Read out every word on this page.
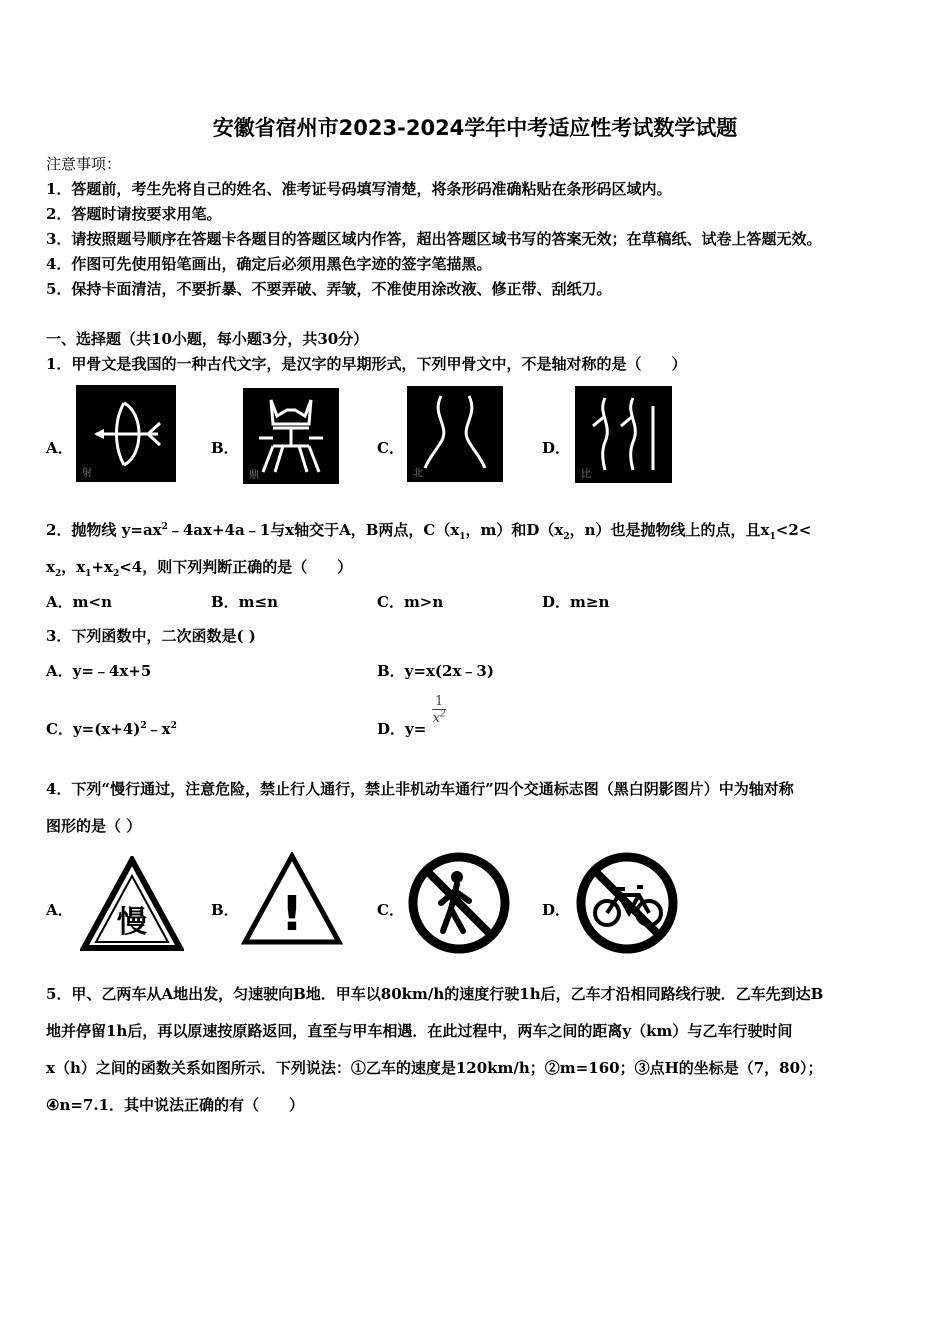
安徽省宿州市2023-2024学年中考适应性考试数学试题
注意事项：
1．答题前，考生先将自己的姓名、准考证号码填写清楚，将条形码准确粘贴在条形码区域内。
2．答题时请按要求用笔。
3．请按照题号顺序在答题卡各题目的答题区域内作答，超出答题区域书写的答案无效；在草稿纸、试卷上答题无效。
4．作图可先使用铅笔画出，确定后必须用黑色字迹的签字笔描黑。
5．保持卡面清洁，不要折暴、不要弄破、弄皱，不准使用涂改液、修正带、刮纸刀。
一、选择题（共10小题，每小题3分，共30分）
1．甲骨文是我国的一种古代文字，是汉字的早期形式，下列甲骨文中，不是轴对称的是（　　）
A．
射
B．
鼎
C．
北
D．
比
2．抛物线 $y=ax^2﹣4ax+4a﹣1$与x轴交于A，B两点，$C(x_1$，m）和$D(x_2$，n）也是抛物线上的点，且$x_1<2<$
$x_2$，$x_1+x_2<4$，则下列判断正确的是（　　）
A．m<n	B．m≤n	C．m>n	D．m≥n
3．下列函数中，二次函数是( )
A．y=﹣4x+5	B．y=x(2x﹣3)
C．$y=(x+4)^2﹣x^2$	D．y=
$\frac{1}{x^2}$
4．下列“慢行通过，注意危险，禁止行人通行，禁止非机动车通行”四个交通标志图（黑白阴影图片）中为轴对称
图形的是（ ）
A． 慢	B． !	C．	D．
5．甲、乙两车从A地出发，匀速驶向B地．甲车以80km/h的速度行驶1h后，乙车才沿相同路线行驶．乙车先到达B
地并停留1h后，再以原速按原路返回，直至与甲车相遇．在此过程中，两车之间的距离y（km）与乙车行驶时间
x（h）之间的函数关系如图所示．下列说法：①乙车的速度是120km/h；②m=160；③点H的坐标是（7，80）；
④n=7.1．其中说法正确的有（　　）
